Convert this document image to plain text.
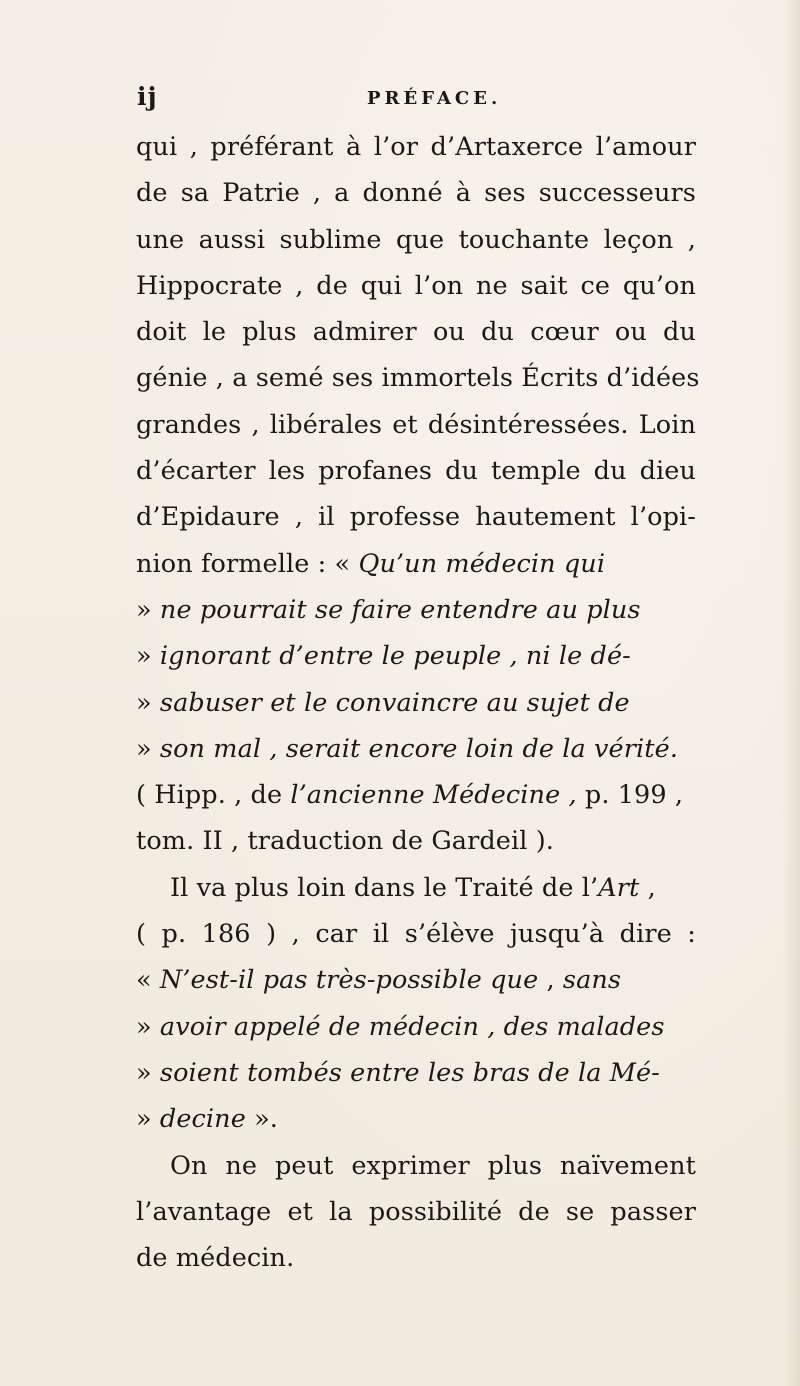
ij	PRÉFACE.
qui , préférant à l’or d’Artaxerce l’amour
de sa Patrie , a donné à ses successeurs
une aussi sublime que touchante leçon ,
Hippocrate , de qui l’on ne sait ce qu’on
doit le plus admirer ou du cœur ou du
génie , a semé ses immortels Écrits d’idées
grandes , libérales et désintéressées. Loin
d’écarter les profanes du temple du dieu
d’Epidaure , il professe hautement l’opi-
nion formelle : « Qu’un médecin qui
» ne pourrait se faire entendre au plus
» ignorant d’entre le peuple , ni le dé-
» sabuser et le convaincre au sujet de
» son mal , serait encore loin de la vérité.
( Hipp. , de l’ancienne Médecine , p. 199 ,
tom. II , traduction de Gardeil ).
Il va plus loin dans le Traité de l’Art ,
( p. 186 ) , car il s’élève jusqu’à dire :
« N’est-il pas très-possible que , sans
» avoir appelé de médecin , des malades
» soient tombés entre les bras de la Mé-
» decine ».
On ne peut exprimer plus naïvement
l’avantage et la possibilité de se passer
de médecin.
